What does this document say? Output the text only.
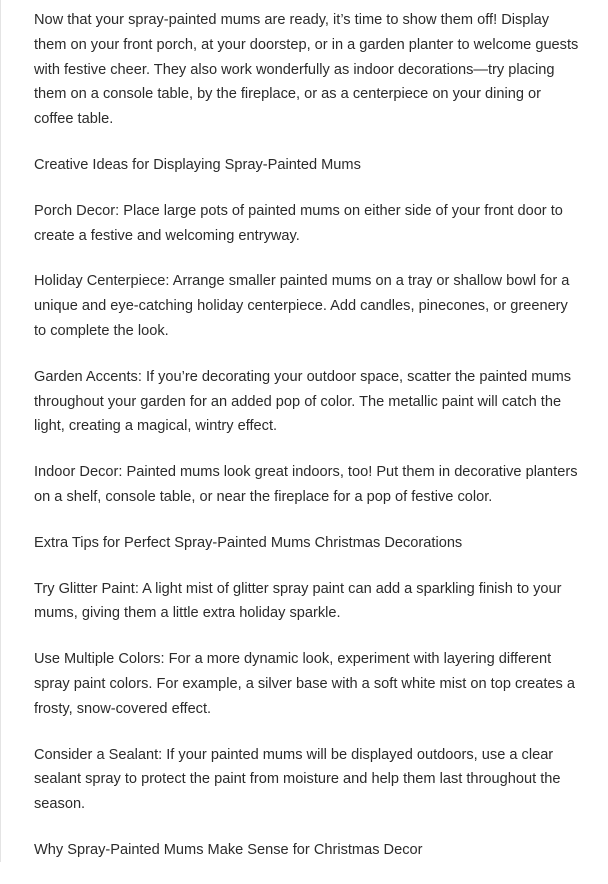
Now that your spray-painted mums are ready, it’s time to show them off! Display them on your front porch, at your doorstep, or in a garden planter to welcome guests with festive cheer. They also work wonderfully as indoor decorations—try placing them on a console table, by the fireplace, or as a centerpiece on your dining or coffee table.

Creative Ideas for Displaying Spray-Painted Mums

Porch Decor: Place large pots of painted mums on either side of your front door to create a festive and welcoming entryway.

Holiday Centerpiece: Arrange smaller painted mums on a tray or shallow bowl for a unique and eye-catching holiday centerpiece. Add candles, pinecones, or greenery to complete the look.

Garden Accents: If you’re decorating your outdoor space, scatter the painted mums throughout your garden for an added pop of color. The metallic paint will catch the light, creating a magical, wintry effect.

Indoor Decor: Painted mums look great indoors, too! Put them in decorative planters on a shelf, console table, or near the fireplace for a pop of festive color.

Extra Tips for Perfect Spray-Painted Mums Christmas Decorations

Try Glitter Paint: A light mist of glitter spray paint can add a sparkling finish to your mums, giving them a little extra holiday sparkle.

Use Multiple Colors: For a more dynamic look, experiment with layering different spray paint colors. For example, a silver base with a soft white mist on top creates a frosty, snow-covered effect.

Consider a Sealant: If your painted mums will be displayed outdoors, use a clear sealant spray to protect the paint from moisture and help them last throughout the season.

Why Spray-Painted Mums Make Sense for Christmas Decor
